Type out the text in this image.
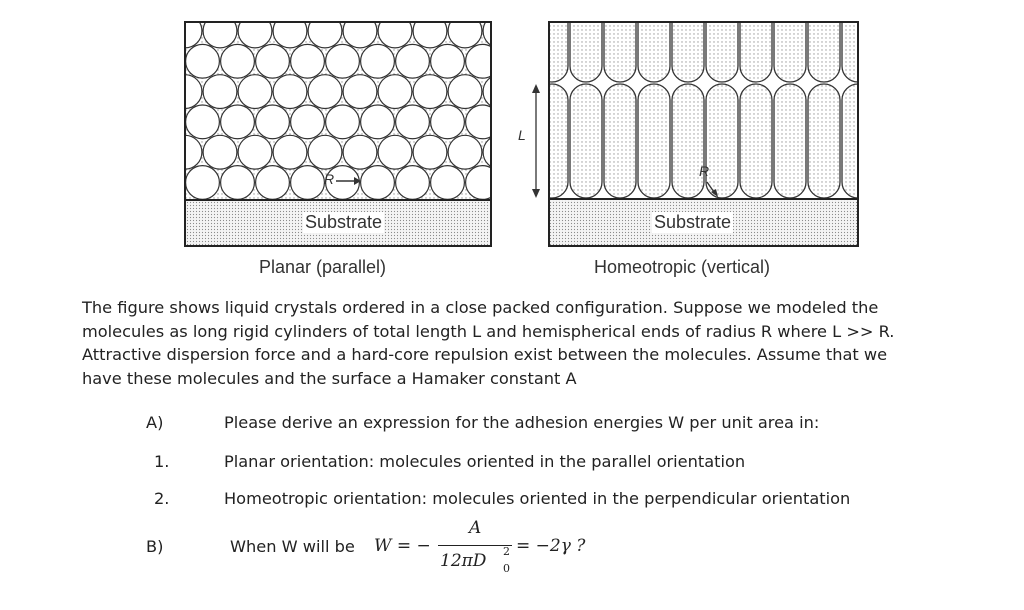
Substrate	Substrate
R	R
L
Planar (parallel)	Homeotropic (vertical)
The figure shows liquid crystals ordered in a close packed configuration. Suppose we modeled the
molecules as long rigid cylinders of total length L and hemispherical ends of radius R where L >> R.
Attractive dispersion force and a hard-core repulsion exist between the molecules. Assume that we
have these molecules and the surface a Hamaker constant A
A)	Please derive an expression for the adhesion energies W per unit area in:
1.	Planar orientation: molecules oriented in the parallel orientation
2.	Homeotropic orientation: molecules oriented in the perpendicular orientation
B)	When W will be W = −
A
12πD 2
0
= −2γ ?
